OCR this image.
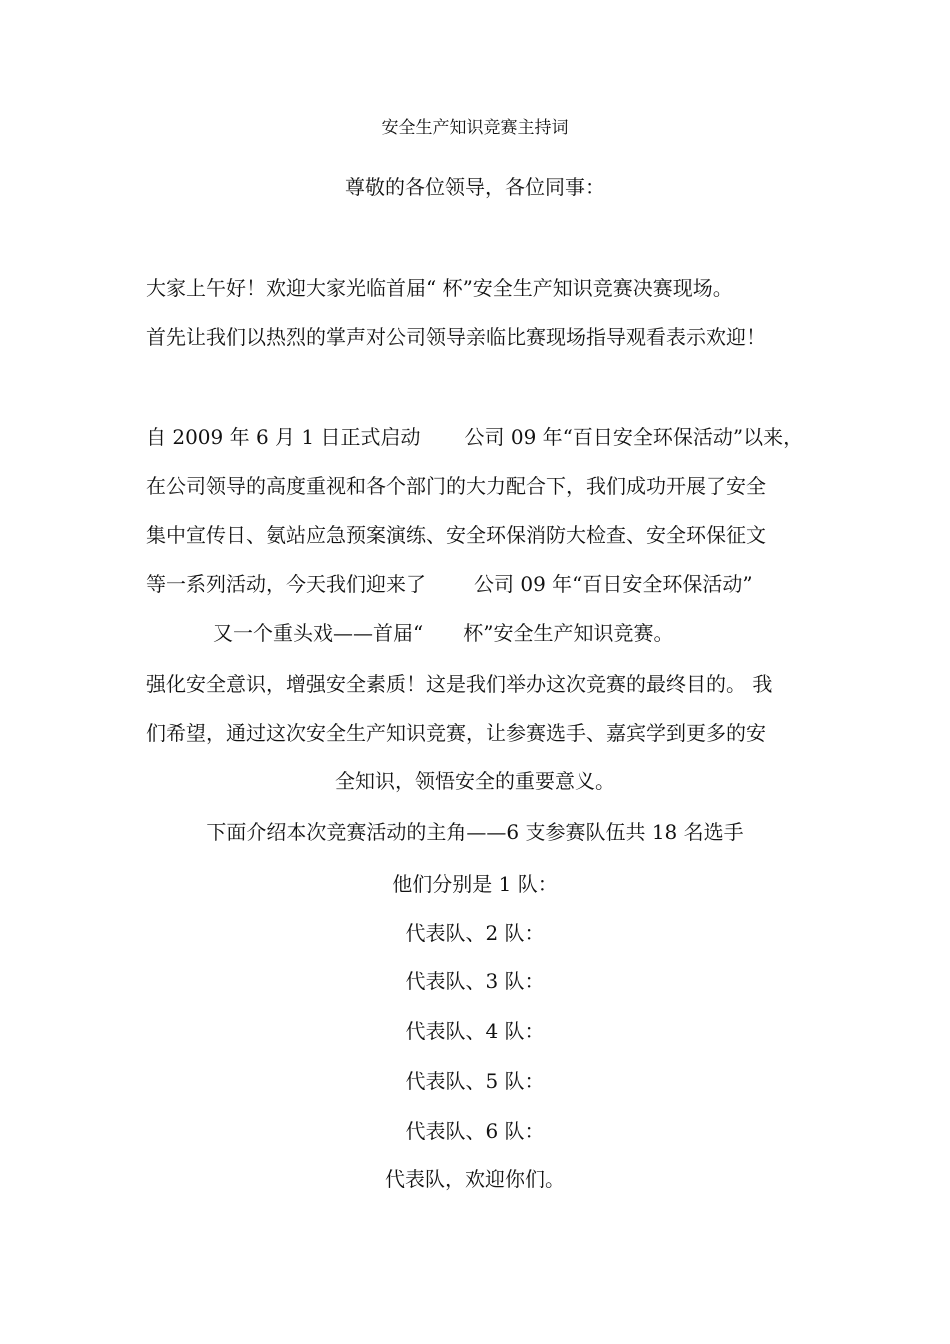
安全生产知识竞赛主持词
尊敬的各位领导，各位同事：
大家上午好！欢迎大家光临首届“ 杯”安全生产知识竞赛决赛现场。
首先让我们以热烈的掌声对公司领导亲临比赛现场指导观看表示欢迎！
自 2009 年 6 月 1 日正式启动 公司 09 年“百日安全环保活动”以来，
在公司领导的高度重视和各个部门的大力配合下，我们成功开展了安全
集中宣传日、氨站应急预案演练、安全环保消防大检查、安全环保征文
等一系列活动，今天我们迎来了 公司 09 年“百日安全环保活动”
又一个重头戏——首届“ 杯”安全生产知识竞赛。
强化安全意识，增强安全素质！这是我们举办这次竞赛的最终目的。 我
们希望，通过这次安全生产知识竞赛，让参赛选手、嘉宾学到更多的安
全知识，领悟安全的重要意义。
下面介绍本次竞赛活动的主角——6 支参赛队伍共 18 名选手
他们分别是 1 队：
代表队、2 队：
代表队、3 队：
代表队、4 队：
代表队、5 队：
代表队、6 队：
代表队，欢迎你们。
